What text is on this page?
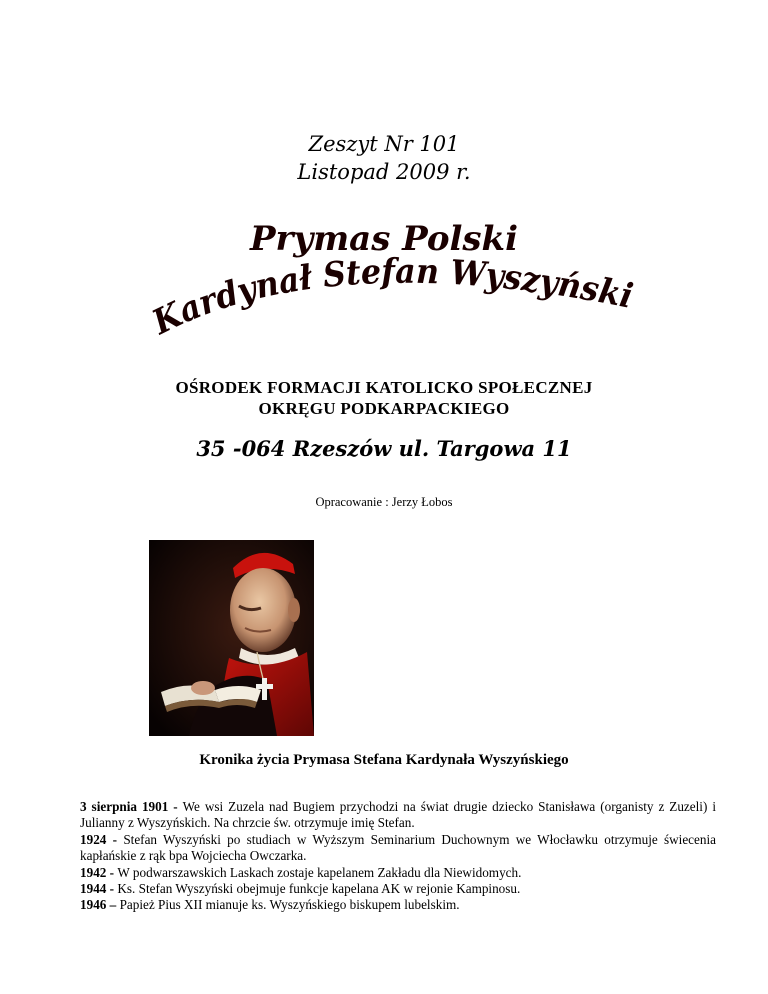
Zeszyt Nr 101
Listopad 2009 r.
Prymas Polski
Kardynał Stefan Wyszyński
OŚRODEK FORMACJI KATOLICKO SPOŁECZNEJ
OKRĘGU PODKARPACKIEGO
35 -064 Rzeszów ul. Targowa 11
Opracowanie : Jerzy Łobos
Kronika życia Prymasa Stefana Kardynała Wyszyńskiego

3 sierpnia 1901 - We wsi Zuzela nad Bugiem przychodzi na świat drugie dziecko Stanisława (organisty z Zuzeli) i Julianny z Wyszyńskich. Na chrzcie św. otrzymuje imię Stefan.

1924 - Stefan Wyszyński po studiach w Wyższym Seminarium Duchownym we Włocławku otrzymuje świecenia kapłańskie z rąk bpa Wojciecha Owczarka.

1942 - W podwarszawskich Laskach zostaje kapelanem Zakładu dla Niewidomych.

1944 - Ks. Stefan Wyszyński obejmuje funkcje kapelana AK w rejonie Kampinosu.

1946 – Papież Pius XII mianuje ks. Wyszyńskiego biskupem lubelskim.
